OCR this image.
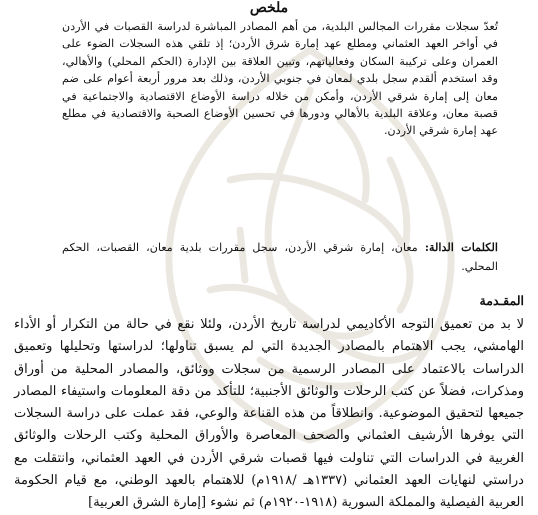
ملخص

تُعدّ سجلات مقررات المجالس البلدية، من أهم المصادر المباشرة لدراسة القصبات في الأردن في أواخر العهد العثماني ومطلع عهد إمارة شرق الأردن؛ إذ تلقي هذه السجلات الضوء على العمران وعلى تركيبة السكان وفعالياتهم، وتبين العلاقة بين الإدارة (الحكم المحلي) والأهالي، وقد استخدم ألقدم سجل بلدي لمعان في جنوبي الأردن، وذلك بعد مرور أربعة أعوام على ضم معان إلى إمارة شرقي الأردن، وأمكن من خلاله دراسة الأوضاع الاقتصادية والاجتماعية في قصبة معان، وعلاقة البلدية بالأهالي ودورها في تحسين الأوضاع الصحية والاقتصادية في مطلع عهد إمارة شرقي الأردن.

الكلمات الدالة: معان، إمارة شرقي الأردن، سجل مقررات بلدية معان، القصبات، الحكم المحلي.

المقـدمة

لا بد من تعميق التوجه الأكاديمي لدراسة تاريخ الأردن، ولئلا نقع في حالة من التكرار أو الأداء الهامشي، يجب الاهتمام بالمصادر الجديدة التي لم يسبق تناولها؛ لدراستها وتحليلها وتعميق الدراسات بالاعتماد على المصادر الرسمية من سجلات ووثائق، والمصادر المحلية من أوراق ومذكرات، فضلاً عن كتب الرحلات والوثائق الأجنبية؛ للتأكد من دقة المعلومات واستيفاء المصادر جميعها لتحقيق الموضوعية. وانطلاقاً من هذه القناعة والوعي، فقد عملت على دراسة السجلات التي يوفرها الأرشيف العثماني والصحف المعاصرة والأوراق المحلية وكتب الرحلات والوثائق الغربية في الدراسات التي تناولت فيها قصبات شرقي الأردن في العهد العثماني، وانتقلت مع دراستي لنهايات العهد العثماني (١٣٣٧هـ /١٩١٨م) للاهتمام بالعهد الوطني، مع قيام الحكومة العربية الفيصلية والمملكة السورية (١٩١٨-١٩٢٠م) ثم نشوء [إمارة الشرق العربية]
